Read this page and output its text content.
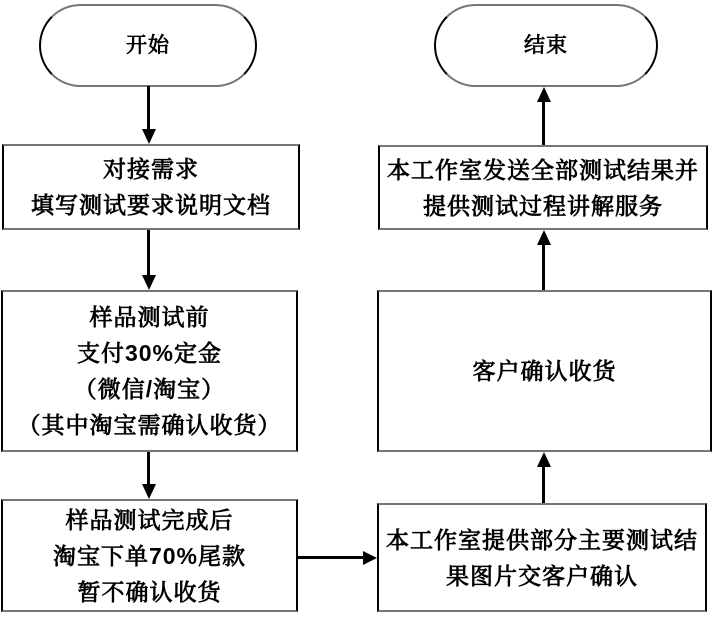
开始	结束
对接需求
填写测试要求说明文档
样品测试前
支付30%定金
（微信/淘宝）
（其中淘宝需确认收货）
样品测试完成后
淘宝下单70%尾款
暂不确认收货
本工作室提供部分主要测试结
果图片交客户确认
客户确认收货
本工作室发送全部测试结果并
提供测试过程讲解服务
